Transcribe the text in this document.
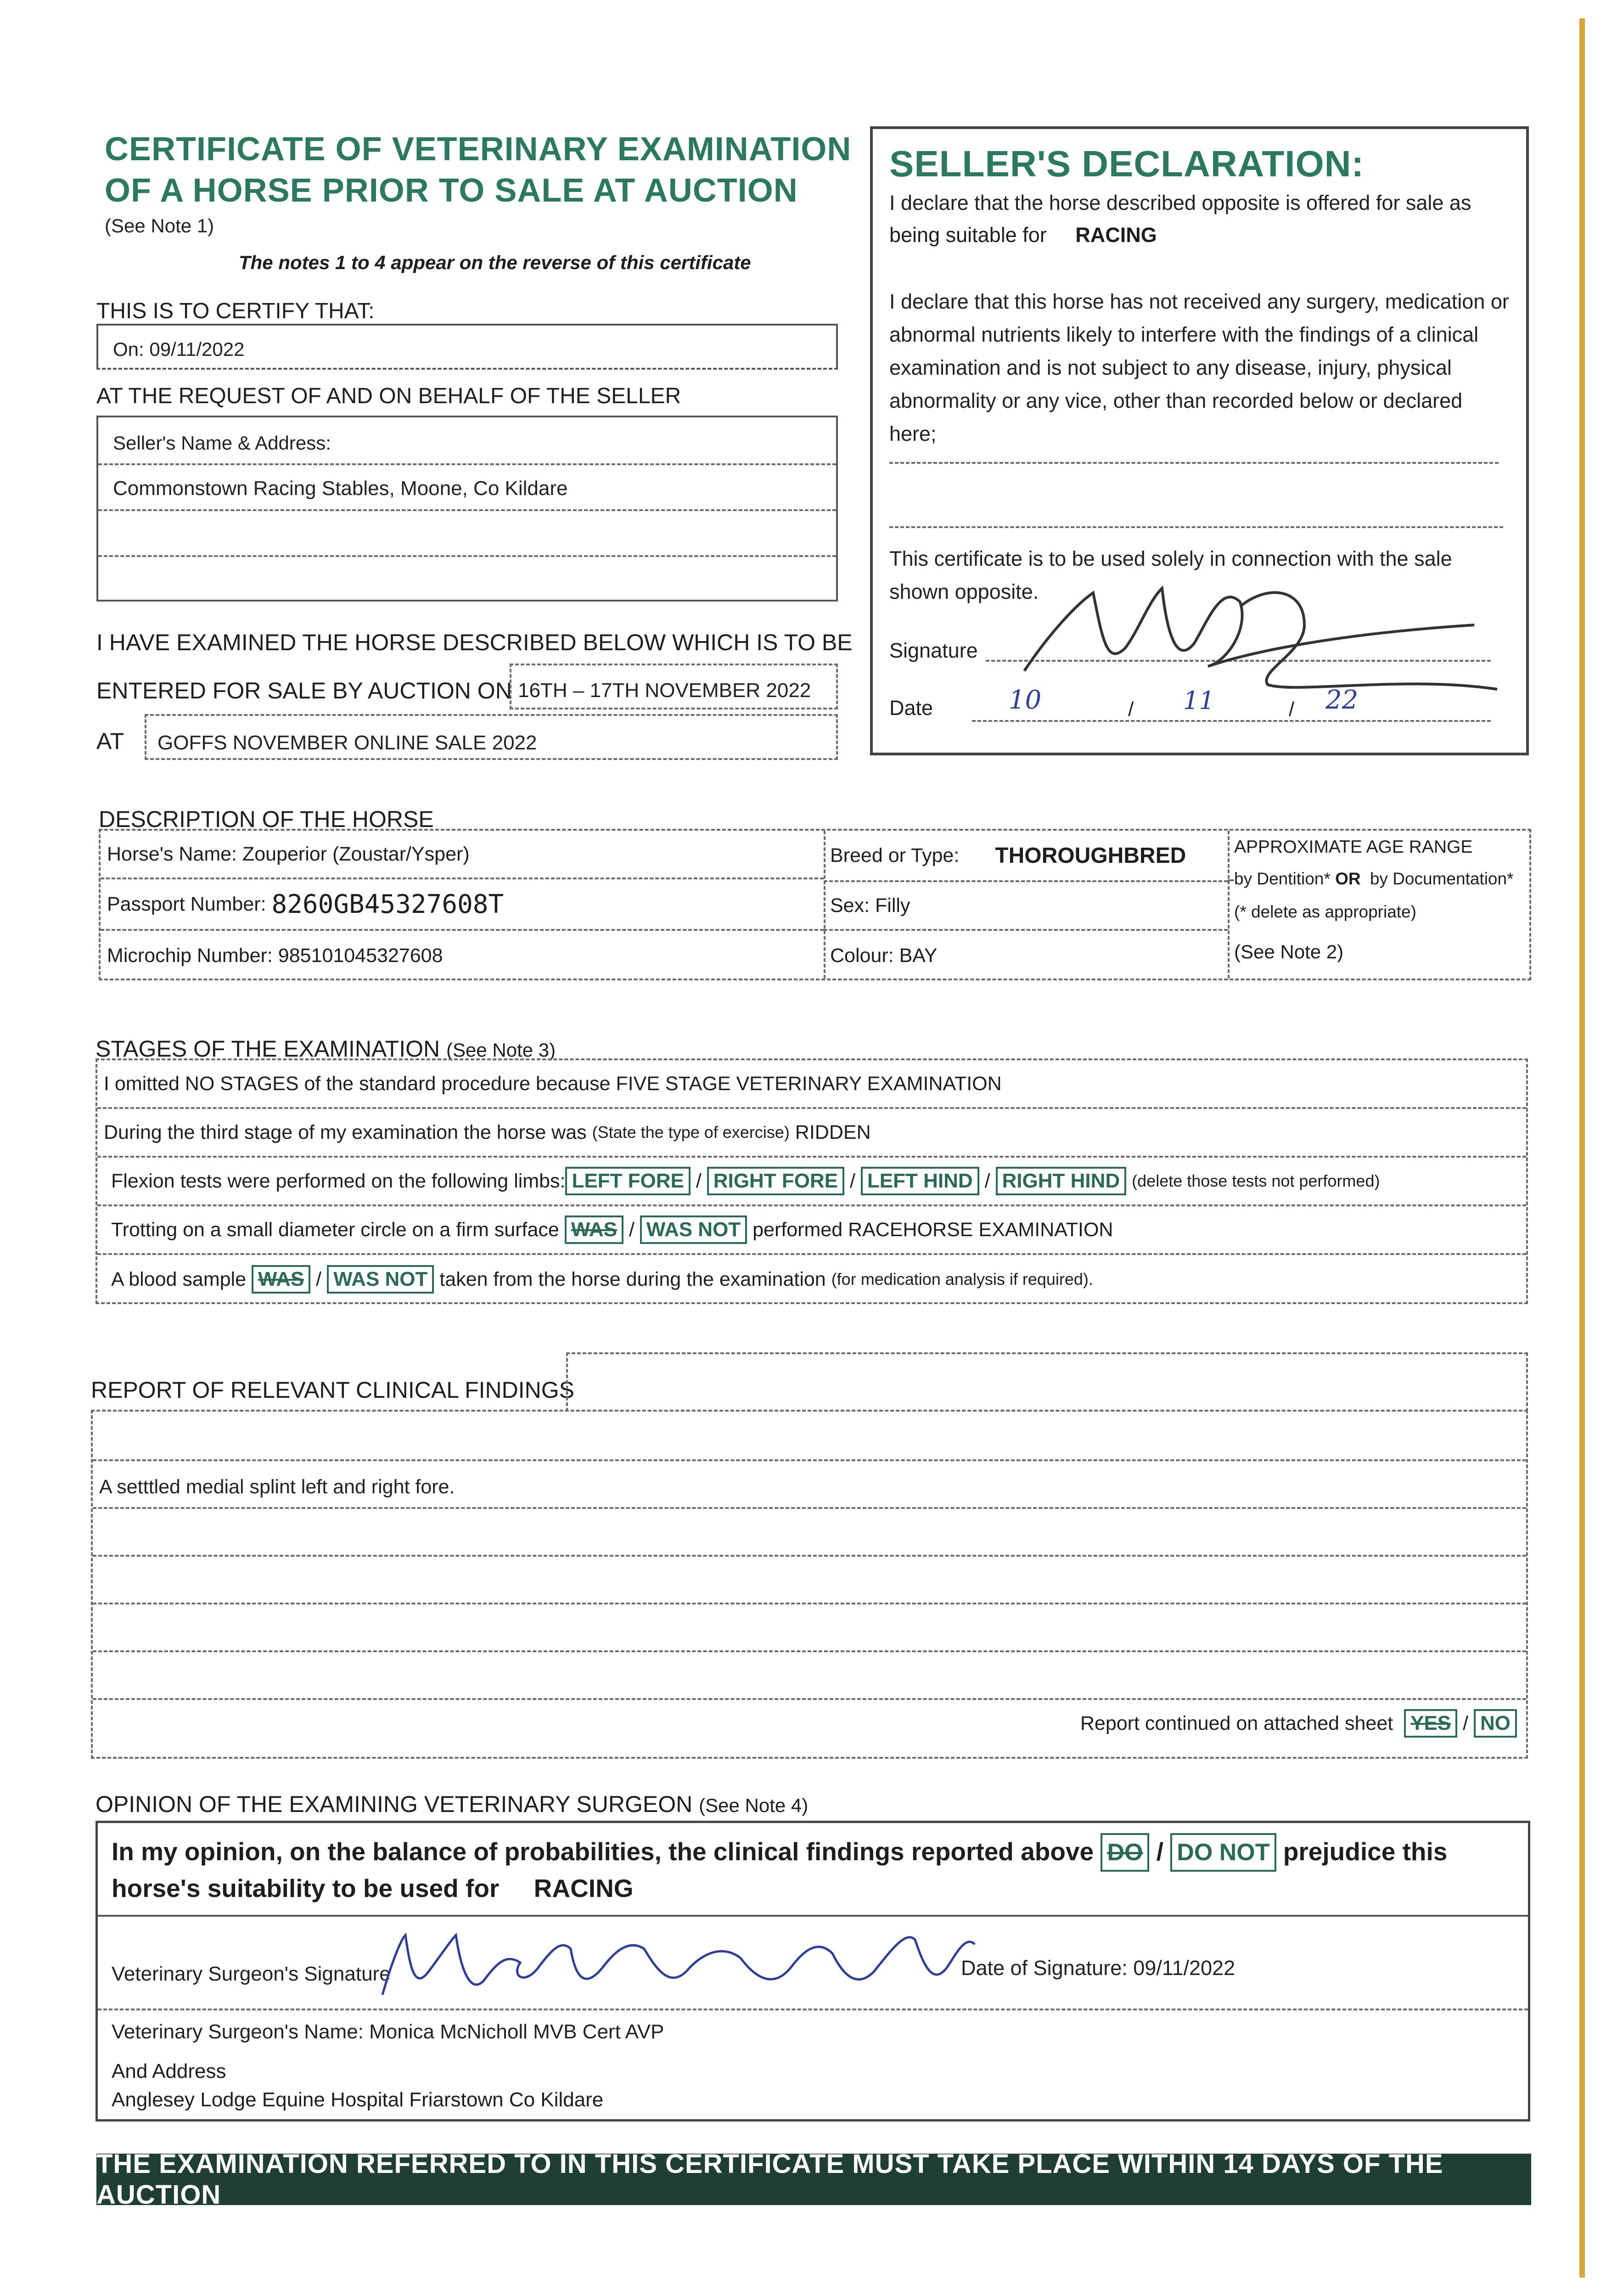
CERTIFICATE OF VETERINARY EXAMINATION
OF A HORSE PRIOR TO SALE AT AUCTION
(See Note 1)
The notes 1 to 4 appear on the reverse of this certificate
THIS IS TO CERTIFY THAT:
On: 09/11/2022
AT THE REQUEST OF AND ON BEHALF OF THE SELLER
Seller's Name & Address:
Commonstown Racing Stables, Moone, Co Kildare
I HAVE EXAMINED THE HORSE DESCRIBED BELOW WHICH IS TO BE
ENTERED FOR SALE BY AUCTION ON 16TH – 17TH NOVEMBER 2022
AT GOFFS NOVEMBER ONLINE SALE 2022
SELLER'S DECLARATION:
I declare that the horse described opposite is offered for sale as
being suitable for RACING
I declare that this horse has not received any surgery, medication or abnormal nutrients likely to interfere with the findings of a clinical examination and is not subject to any disease, injury, physical abnormality or any vice, other than recorded below or declared here;
This certificate is to be used solely in connection with the sale shown opposite.
Signature
Date	10	/ 11	/ 22
DESCRIPTION OF THE HORSE
Horse's Name:
Zouperior (Zoustar/Ysper)
Passport Number:
8260GB45327608T
Microchip Number:
985101045327608
Breed or Type: THOROUGHBRED
Sex:
Filly
Colour:
BAY
APPROXIMATE AGE RANGE
by Dentition* OR by Documentation*
(* delete as appropriate)
(See Note 2)
STAGES OF THE EXAMINATION (See Note 3)
I omitted NO STAGES of the standard procedure because
FIVE STAGE VETERINARY EXAMINATION
During the third stage of my examination the horse was
(State the type of exercise)
RIDDEN
Flexion tests were performed on the following limbs: LEFT FORE / RIGHT FORE / LEFT HIND / RIGHT HIND (delete those tests not performed)
Trotting on a small diameter circle on a firm surface
WAS / WAS NOT
performed RACEHORSE EXAMINATION
A blood sample
WAS / WAS NOT
taken from the horse during the examination
(for medication analysis if required).
REPORT OF RELEVANT CLINICAL FINDINGS
A setttled medial splint left and right fore.
Report continued on attached sheet YES / NO
OPINION OF THE EXAMINING VETERINARY SURGEON (See Note 4)
In my opinion, on the balance of probabilities, the clinical findings reported above DO / DO NOT prejudice this
horse's suitability to be used for RACING
Veterinary Surgeon's Signature	Date of Signature: 09/11/2022
Veterinary Surgeon's Name: Monica McNicholl MVB Cert AVP
And Address
Anglesey Lodge Equine Hospital Friarstown Co Kildare
THE EXAMINATION REFERRED TO IN THIS CERTIFICATE MUST TAKE PLACE WITHIN 14 DAYS OF THE AUCTION
